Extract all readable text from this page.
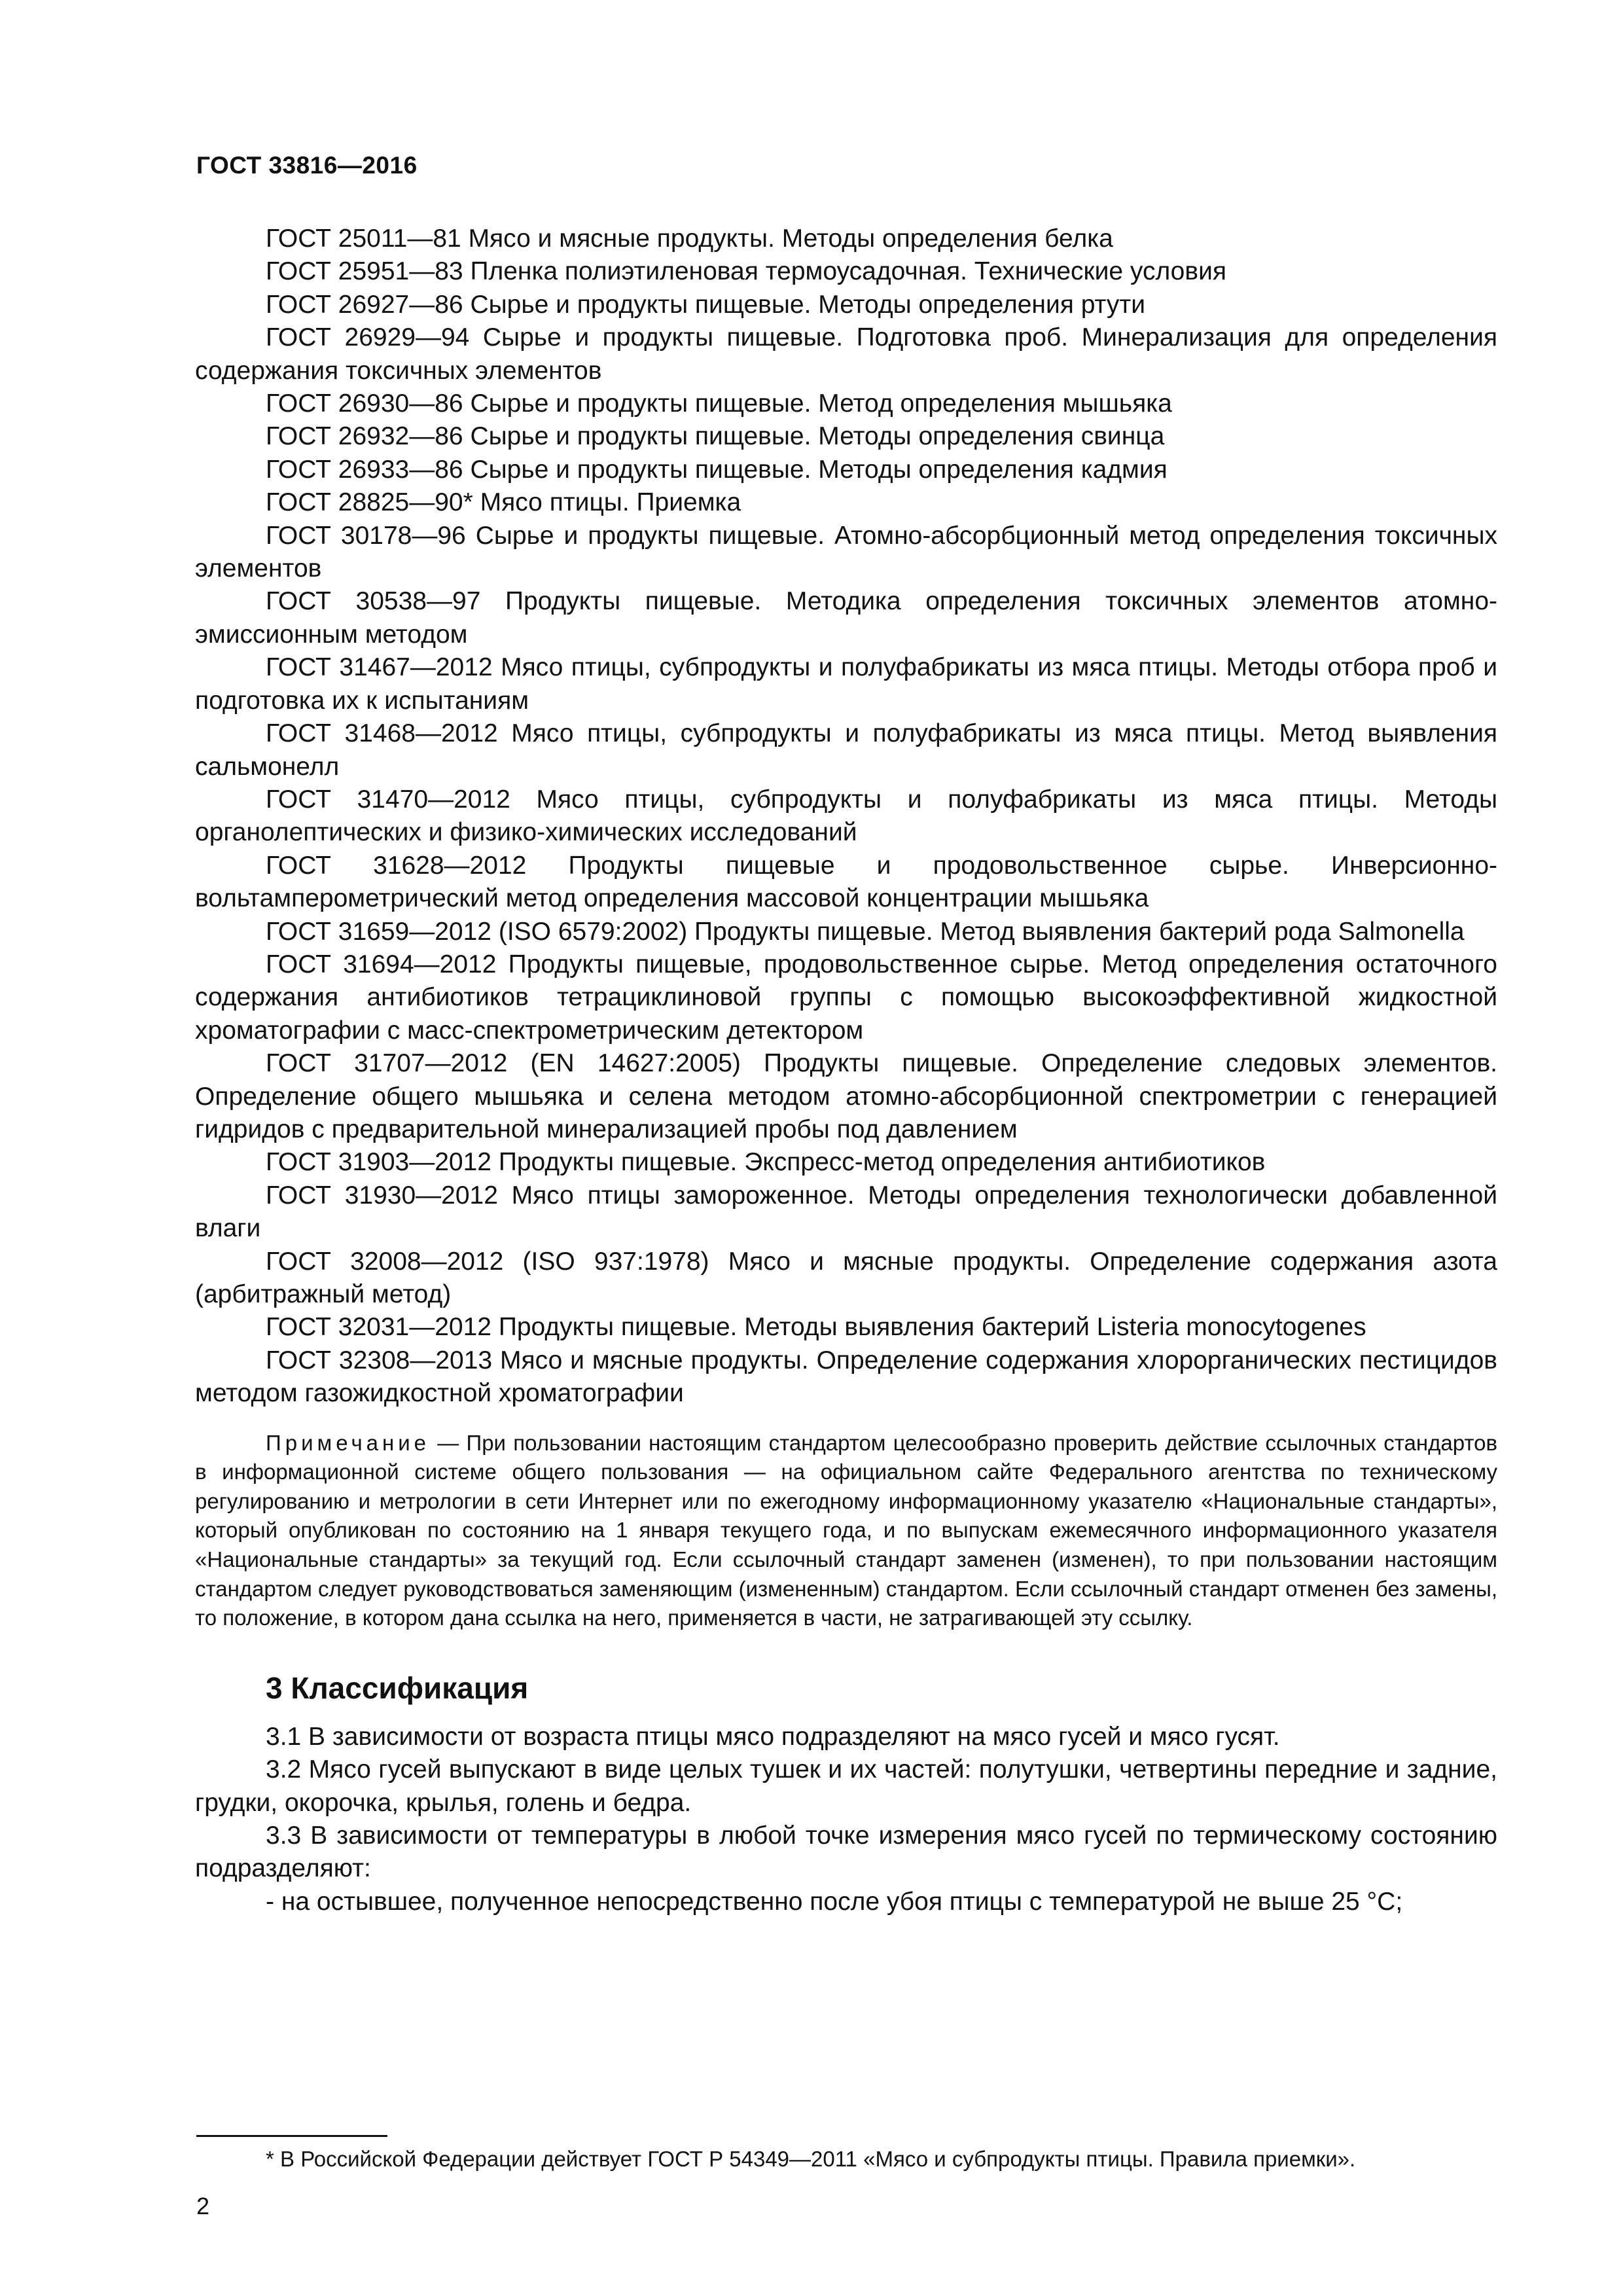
ГОСТ 33816—2016
ГОСТ 25011—81 Мясо и мясные продукты. Методы определения белка
ГОСТ 25951—83 Пленка полиэтиленовая термоусадочная. Технические условия
ГОСТ 26927—86 Сырье и продукты пищевые. Методы определения ртути
ГОСТ 26929—94 Сырье и продукты пищевые. Подготовка проб. Минерализация для определения содержания токсичных элементов
ГОСТ 26930—86 Сырье и продукты пищевые. Метод определения мышьяка
ГОСТ 26932—86 Сырье и продукты пищевые. Методы определения свинца
ГОСТ 26933—86 Сырье и продукты пищевые. Методы определения кадмия
ГОСТ 28825—90* Мясо птицы. Приемка
ГОСТ 30178—96 Сырье и продукты пищевые. Атомно-абсорбционный метод определения токсичных элементов
ГОСТ 30538—97 Продукты пищевые. Методика определения токсичных элементов атомно-эмиссионным методом
ГОСТ 31467—2012 Мясо птицы, субпродукты и полуфабрикаты из мяса птицы. Методы отбора проб и подготовка их к испытаниям
ГОСТ 31468—2012 Мясо птицы, субпродукты и полуфабрикаты из мяса птицы. Метод выявления сальмонелл
ГОСТ 31470—2012 Мясо птицы, субпродукты и полуфабрикаты из мяса птицы. Методы органолептических и физико-химических исследований
ГОСТ 31628—2012 Продукты пищевые и продовольственное сырье. Инверсионно-вольтамперометрический метод определения массовой концентрации мышьяка
ГОСТ 31659—2012 (ISO 6579:2002) Продукты пищевые. Метод выявления бактерий рода Salmonella
ГОСТ 31694—2012 Продукты пищевые, продовольственное сырье. Метод определения остаточного содержания антибиотиков тетрациклиновой группы с помощью высокоэффективной жидкостной хроматографии с масс-спектрометрическим детектором
ГОСТ 31707—2012 (EN 14627:2005) Продукты пищевые. Определение следовых элементов. Определение общего мышьяка и селена методом атомно-абсорбционной спектрометрии с генерацией гидридов с предварительной минерализацией пробы под давлением
ГОСТ 31903—2012 Продукты пищевые. Экспресс-метод определения антибиотиков
ГОСТ 31930—2012 Мясо птицы замороженное. Методы определения технологически добавленной влаги
ГОСТ 32008—2012 (ISO 937:1978) Мясо и мясные продукты. Определение содержания азота (арбитражный метод)
ГОСТ 32031—2012 Продукты пищевые. Методы выявления бактерий Listeria monocytogenes
ГОСТ 32308—2013 Мясо и мясные продукты. Определение содержания хлорорганических пестицидов методом газожидкостной хроматографии
Примечание — При пользовании настоящим стандартом целесообразно проверить действие ссылочных стандартов в информационной системе общего пользования — на официальном сайте Федерального агентства по техническому регулированию и метрологии в сети Интернет или по ежегодному информационному указателю «Национальные стандарты», который опубликован по состоянию на 1 января текущего года, и по выпускам ежемесячного информационного указателя «Национальные стандарты» за текущий год. Если ссылочный стандарт заменен (изменен), то при пользовании настоящим стандартом следует руководствоваться заменяющим (измененным) стандартом. Если ссылочный стандарт отменен без замены, то положение, в котором дана ссылка на него, применяется в части, не затрагивающей эту ссылку.
3 Классификация

3.1 В зависимости от возраста птицы мясо подразделяют на мясо гусей и мясо гусят.

3.2 Мясо гусей выпускают в виде целых тушек и их частей: полутушки, четвертины передние и задние, грудки, окорочка, крылья, голень и бедра.

3.3 В зависимости от температуры в любой точке измерения мясо гусей по термическому состоянию подразделяют:

- на остывшее, полученное непосредственно после убоя птицы с температурой не выше 25 °С;

* В Российской Федерации действует ГОСТ Р 54349—2011 «Мясо и субпродукты птицы. Правила приемки».
2
